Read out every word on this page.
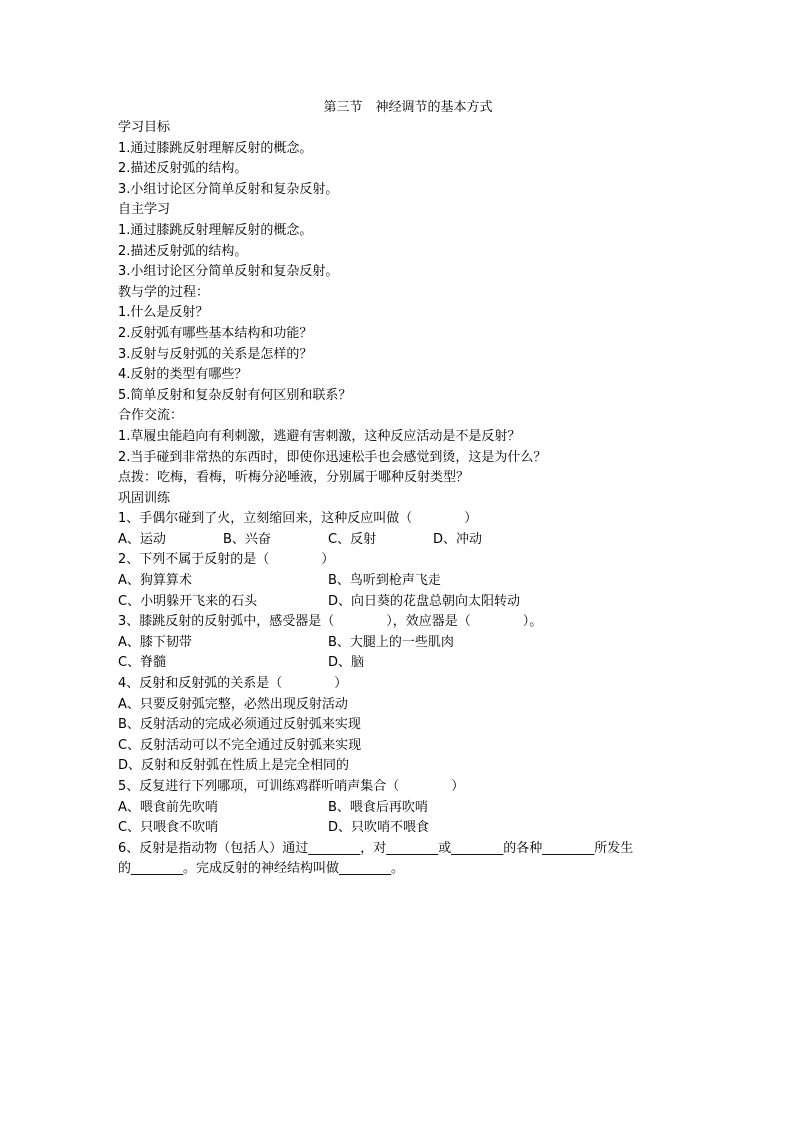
第三节　神经调节的基本方式
学习目标
1.通过膝跳反射理解反射的概念。
2.描述反射弧的结构。
3.小组讨论区分简单反射和复杂反射。
自主学习
1.通过膝跳反射理解反射的概念。
2.描述反射弧的结构。
3.小组讨论区分简单反射和复杂反射。
教与学的过程：
1.什么是反射？
2.反射弧有哪些基本结构和功能？
3.反射与反射弧的关系是怎样的？
4.反射的类型有哪些？
5.简单反射和复杂反射有何区别和联系？
合作交流：
1.草履虫能趋向有利刺激，逃避有害刺激，这种反应活动是不是反射？
2.当手碰到非常热的东西时，即使你迅速松手也会感觉到烫，这是为什么？
点拨：吃梅，看梅，听梅分泌唾液，分别属于哪种反射类型？
巩固训练
1、手偶尔碰到了火，立刻缩回来，这种反应叫做（　　　　）

A、运动

	B、兴奋

	C、反射

	D、冲动

2、下列不属于反射的是（　　　　）

A、狗算算术

	B、鸟听到枪声飞走

C、小明躲开飞来的石头

	D、向日葵的花盘总朝向太阳转动

3、膝跳反射的反射弧中，感受器是（　　　　），效应器是（　　　　）。

A、膝下韧带

	B、大腿上的一些肌肉

C、脊髓

	D、脑

4、反射和反射弧的关系是（　　　　）
A、只要反射弧完整，必然出现反射活动
B、反射活动的完成必须通过反射弧来实现
C、反射活动可以不完全通过反射弧来实现
D、反射和反射弧在性质上是完全相同的
5、反复进行下列哪项，可训练鸡群听哨声集合（　　　　）

A、喂食前先吹哨

	B、喂食后再吹哨

C、只喂食不吹哨

	D、只吹哨不喂食

6、反射是指动物（包括人）通过________，对________或________的各种________所发生
的________。完成反射的神经结构叫做________。
